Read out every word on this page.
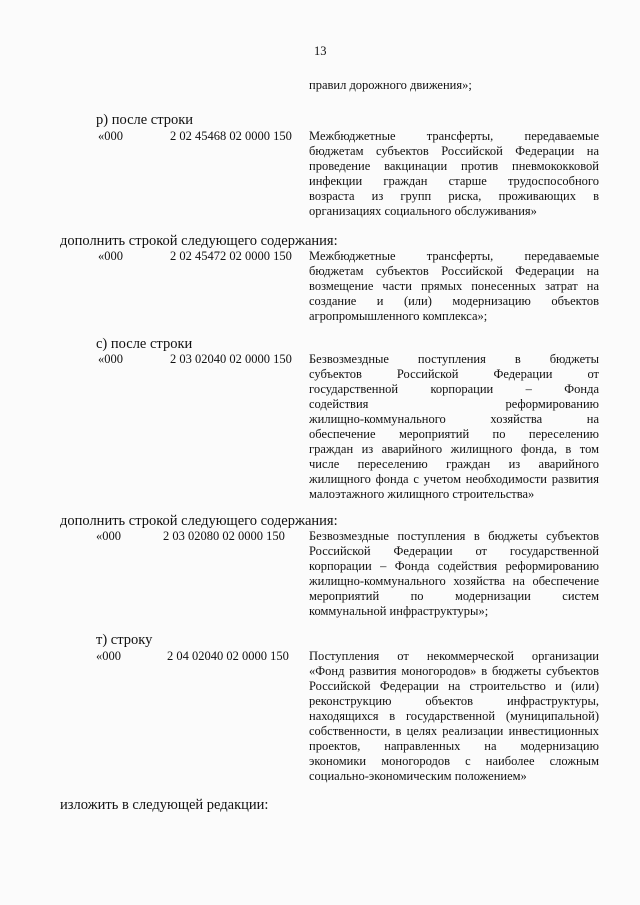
13
правил дорожного движения»;
р) после строки
«000	2 02 45468 02 0000 150 Межбюджетные трансферты, передаваемые
бюджетам субъектов Российской Федерации на
проведение вакцинации против пневмококковой
инфекции граждан старше трудоспособного
возраста из групп риска, проживающих в
организациях социального обслуживания»
дополнить строкой следующего содержания:
«000	2 02 45472 02 0000 150 Межбюджетные трансферты, передаваемые
бюджетам субъектов Российской Федерации на
возмещение части прямых понесенных затрат на
создание и (или) модернизацию объектов
агропромышленного комплекса»;
с) после строки
«000	2 03 02040 02 0000 150 Безвозмездные поступления в бюджеты
субъектов Российской Федерации от
государственной корпорации – Фонда
содействия реформированию
жилищно-коммунального хозяйства на
обеспечение мероприятий по переселению
граждан из аварийного жилищного фонда, в том
числе переселению граждан из аварийного
жилищного фонда с учетом необходимости развития
малоэтажного жилищного строительства»
дополнить строкой следующего содержания:
«000	2 03 02080 02 0000 150 Безвозмездные поступления в бюджеты субъектов
Российской Федерации от государственной
корпорации – Фонда содействия реформированию
жилищно-коммунального хозяйства на обеспечение
мероприятий по модернизации систем
коммунальной инфраструктуры»;
т) строку
«000	2 04 02040 02 0000 150 Поступления от некоммерческой организации
«Фонд развития моногородов» в бюджеты субъектов
Российской Федерации на строительство и (или)
реконструкцию объектов инфраструктуры,
находящихся в государственной (муниципальной)
собственности, в целях реализации инвестиционных
проектов, направленных на модернизацию
экономики моногородов с наиболее сложным
социально-экономическим положением»
изложить в следующей редакции:
